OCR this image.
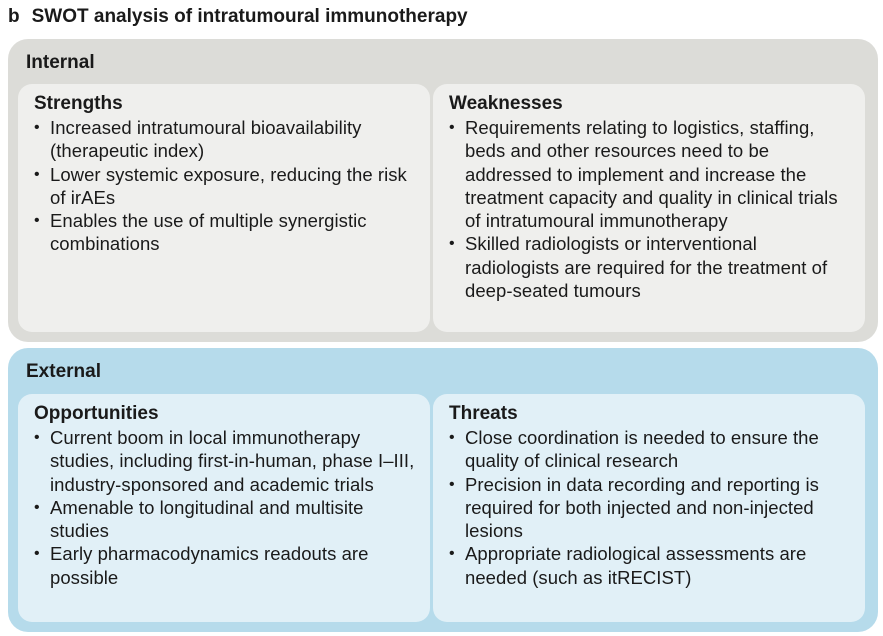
b SWOT analysis of intratumoural immunotherapy
Internal
Strengths
• Increased intratumoural bioavailability (therapeutic index)
• Lower systemic exposure, reducing the risk of irAEs
• Enables the use of multiple synergistic combinations
Weaknesses
• Requirements relating to logistics, staffing, beds and other resources need to be addressed to implement and increase the treatment capacity and quality in clinical trials of intratumoural immunotherapy
• Skilled radiologists or interventional radiologists are required for the treatment of deep-seated tumours
External
Opportunities
• Current boom in local immunotherapy studies, including first-in-human, phase I–III, industry-sponsored and academic trials
• Amenable to longitudinal and multisite studies
• Early pharmacodynamics readouts are possible
Threats
• Close coordination is needed to ensure the quality of clinical research
• Precision in data recording and reporting is required for both injected and non-injected lesions
• Appropriate radiological assessments are needed (such as itRECIST)
